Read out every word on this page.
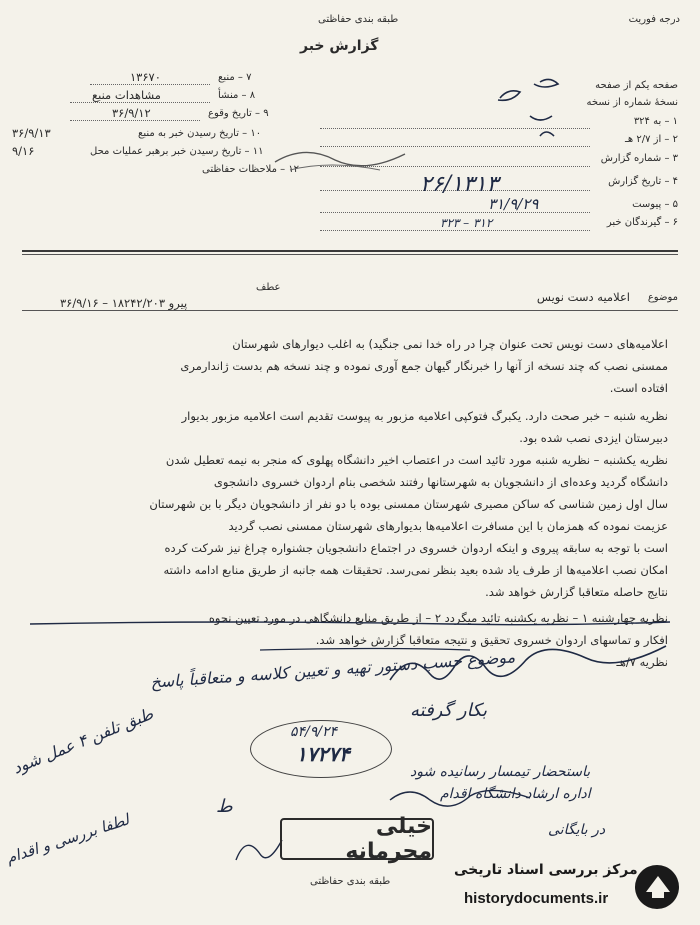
درجه فوریت
طبقه بندی حفاظتی
گزارش خبر
صفحه یکم از صفحه
نسخهٔ شماره از نسخه
۱ – به ۳۲۴
۲ – از ۲/۷ هـ
۳ – شماره گزارش
۴ – تاریخ گزارش
۵ – پیوست
۶ – گیرندگان خبر
۷ – منبع
۱۳۶۷۰
۸ – منشأ
مشاهدات منبع
۹ – تاریخ وقوع
۳۶/۹/۱۲
۱۰ – تاریخ رسیدن خبر به منبع
۳۶/۹/۱۳
۱۱ – تاریخ رسیدن خبر برهبر عملیات محل
۹/۱۶
۱۲ – ملاحظات حفاظتی
۲۶/۱۳۱۳
۳۱/۹/۲۹
۳۱۲ – ۳۲۳
موضوع
اعلامیه دست نویس
عطف
پیرو ۱۸۲۴۲/۲۰۳ – ۳۶/۹/۱۶
اعلامیه‌های دست نویس تحت عنوان چرا در راه خدا نمی جنگید) به اغلب دیوارهای شهرستان
ممسنی نصب که چند نسخه از آنها را خبرنگار گیهان جمع آوری نموده و چند نسخه هم بدست ژاندارمری
افتاده است.
نظریه شنبه – خبر صحت دارد. یکبرگ فتوکپی اعلامیه مزبور به پیوست تقدیم است اعلامیه مزبور بدیوار
دبیرستان ایزدی نصب شده بود.
نظریه یکشنبه – نظریه شنبه مورد تائید است در اعتصاب اخیر دانشگاه پهلوی که منجر به نیمه تعطیل شدن
دانشگاه گردید وعده‌ای از دانشجویان به شهرستانها رفتند شخصی بنام اردوان خسروی دانشجوی
سال اول زمین شناسی که ساکن مصیری شهرستان ممسنی بوده با دو نفر از دانشجویان دیگر با بن شهرستان
عزیمت نموده که همزمان با این مسافرت اعلامیه‌ها بدیوارهای شهرستان ممسنی نصب گردید
است با توجه به سابقه پیروی و اینکه اردوان خسروی در اجتماع دانشجویان جشنواره چراغ نیز شرکت کرده
امکان نصب اعلامیه‌ها از طرف یاد شده بعید بنظر نمی‌رسد. تحقیقات همه جانبه از طریق منابع ادامه داشته
نتایج حاصله متعاقبا گزارش خواهد شد.
نظریه چهارشنبه ۱ – نظریه یکشنبه تائید میگردد ۲ – از طریق منابع دانشگاهی در مورد تعیین نحوه
افکار و تماسهای اردوان خسروی تحقیق و نتیجه متعاقبا گزارش خواهد شد.
نظریه ۷/هـ
موضوع حسب دستور تهیه و تعیین کلاسه و متعاقباً پاسخ
بکار گرفته
۵۴/۹/۲۴
۱۷۲۷۴
باستحضار تیمسار رسانیده شود
اداره ارشاد دانشگاه اقدام
در بایگانی
طبق تلفن ۴ عمل شود
لطفا بررسی و اقدام
ط
خیلی محرمانه
طبقه بندی حفاظتی
مرکز بررسی اسناد تاریخی
historydocuments.ir
